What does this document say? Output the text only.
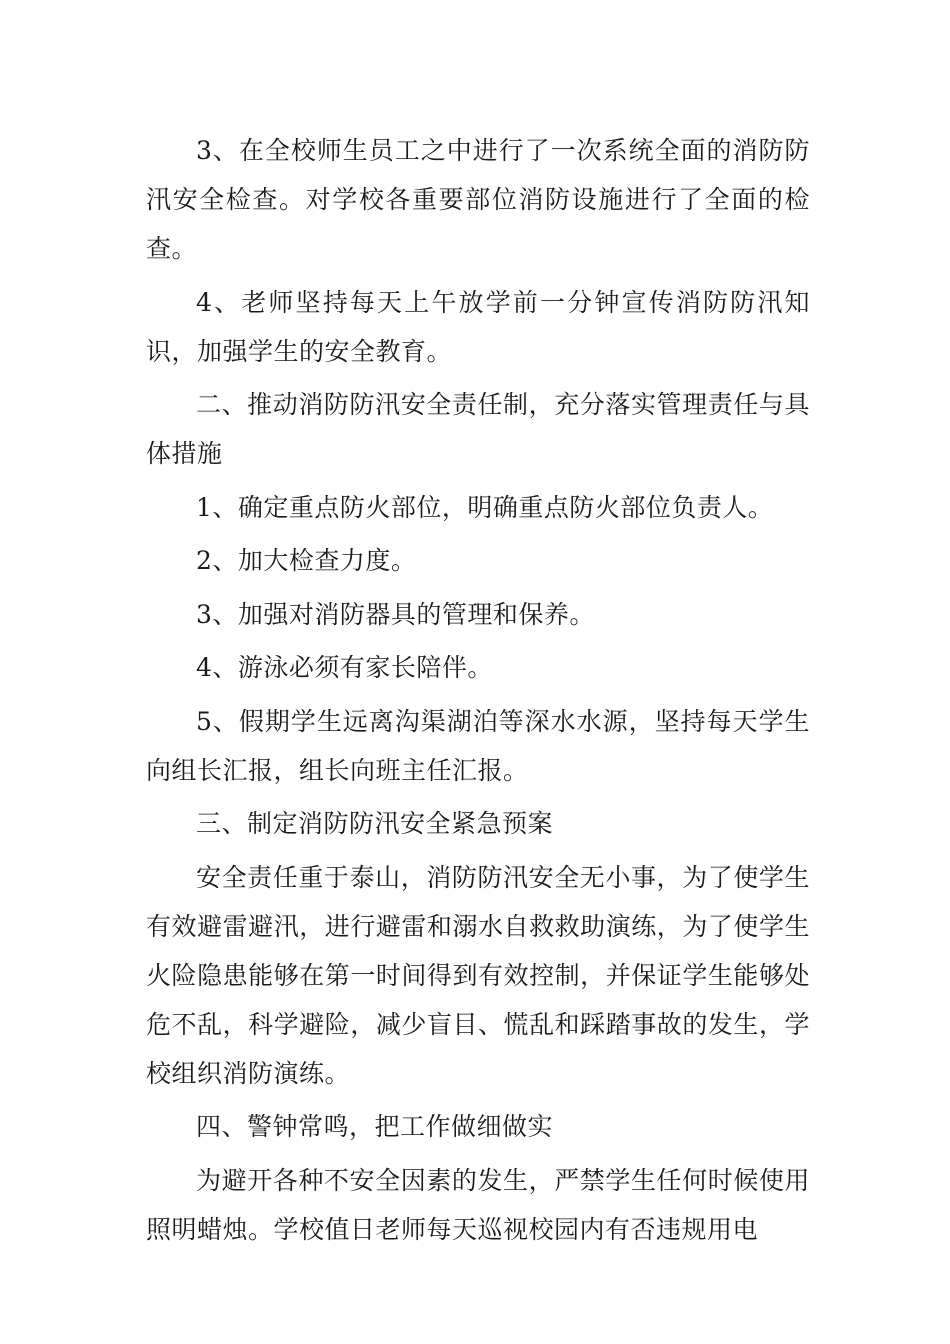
3、在全校师生员工之中进行了一次系统全面的消防防汛安全检查。对学校各重要部位消防设施进行了全面的检查。

4、老师坚持每天上午放学前一分钟宣传消防防汛知识，加强学生的安全教育。

二、推动消防防汛安全责任制，充分落实管理责任与具体措施

1、确定重点防火部位，明确重点防火部位负责人。

2、加大检查力度。

3、加强对消防器具的管理和保养。

4、游泳必须有家长陪伴。

5、假期学生远离沟渠湖泊等深水水源，坚持每天学生向组长汇报，组长向班主任汇报。

三、制定消防防汛安全紧急预案

安全责任重于泰山，消防防汛安全无小事，为了使学生有效避雷避汛，进行避雷和溺水自救救助演练，为了使学生火险隐患能够在第一时间得到有效控制，并保证学生能够处危不乱，科学避险，减少盲目、慌乱和踩踏事故的发生，学校组织消防演练。

四、警钟常鸣，把工作做细做实

为避开各种不安全因素的发生，严禁学生任何时候使用照明蜡烛。学校值日老师每天巡视校园内有否违规用电
